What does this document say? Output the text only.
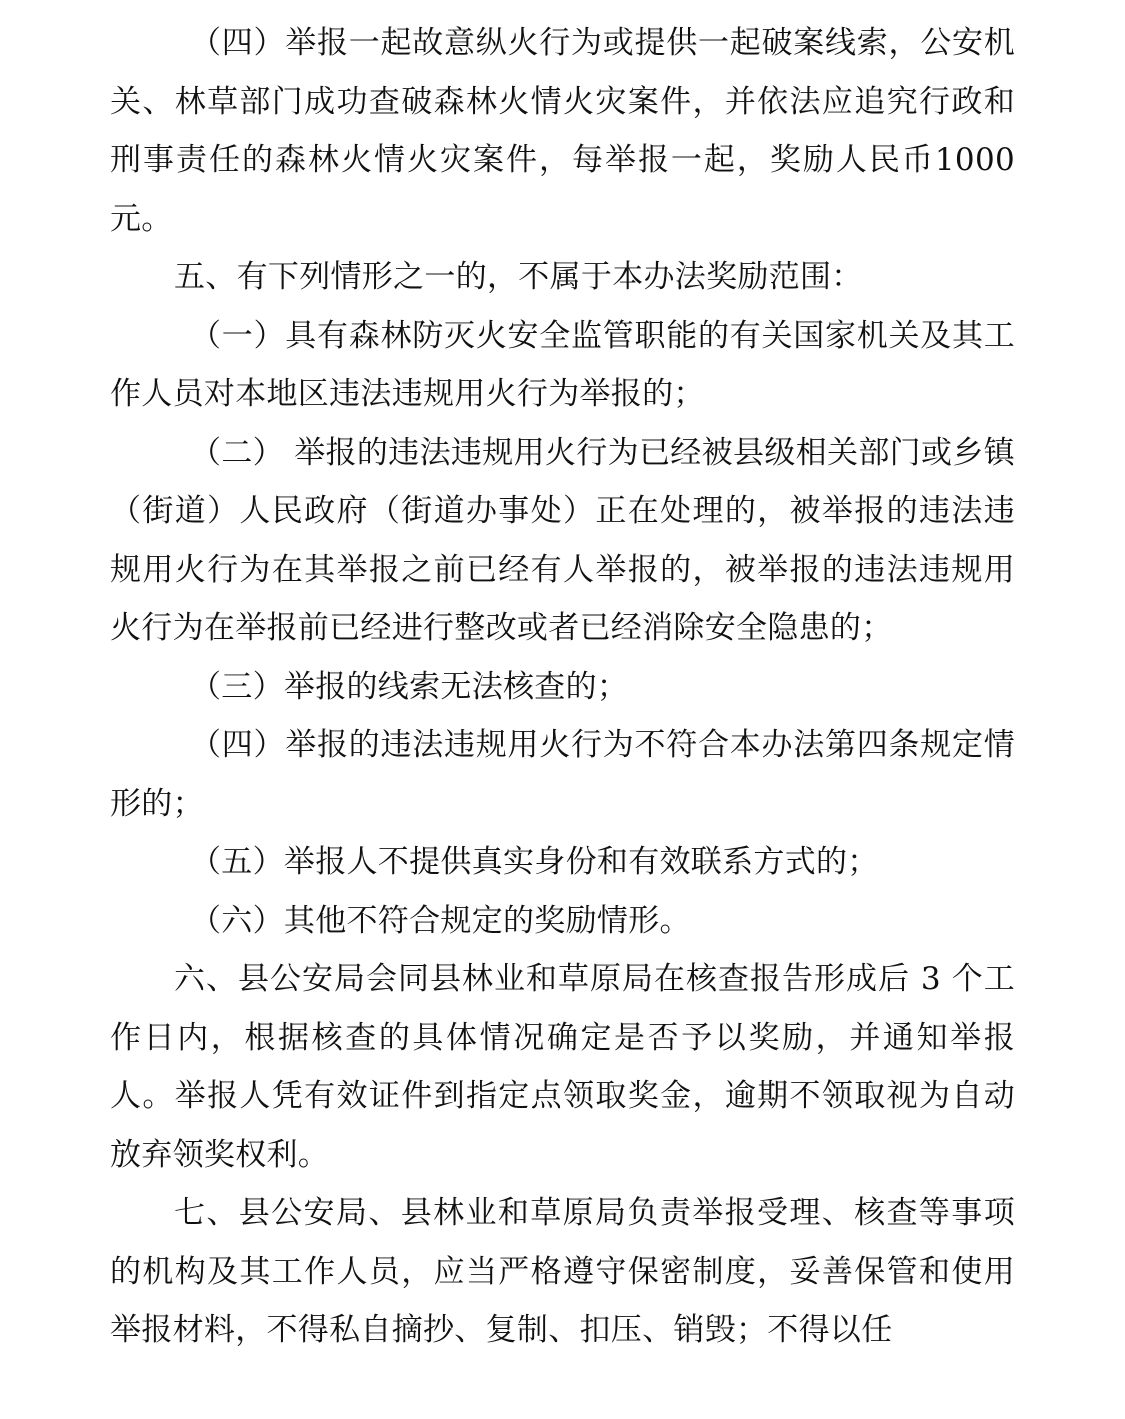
（四）举报一起故意纵火行为或提供一起破案线索，公安机关、林草部门成功查破森林火情火灾案件，并依法应追究行政和刑事责任的森林火情火灾案件，每举报一起，奖励人民币1000 元。

五、有下列情形之一的，不属于本办法奖励范围：

（一）具有森林防灭火安全监管职能的有关国家机关及其工作人员对本地区违法违规用火行为举报的；

（二） 举报的违法违规用火行为已经被县级相关部门或乡镇（街道）人民政府（街道办事处）正在处理的，被举报的违法违规用火行为在其举报之前已经有人举报的，被举报的违法违规用火行为在举报前已经进行整改或者已经消除安全隐患的；

（三）举报的线索无法核查的；

（四）举报的违法违规用火行为不符合本办法第四条规定情形的；

（五）举报人不提供真实身份和有效联系方式的；

（六）其他不符合规定的奖励情形。

六、县公安局会同县林业和草原局在核查报告形成后 3 个工作日内，根据核查的具体情况确定是否予以奖励，并通知举报人。举报人凭有效证件到指定点领取奖金，逾期不领取视为自动放弃领奖权利。

七、县公安局、县林业和草原局负责举报受理、核查等事项的机构及其工作人员，应当严格遵守保密制度，妥善保管和使用举报材料，不得私自摘抄、复制、扣压、销毁；不得以任
